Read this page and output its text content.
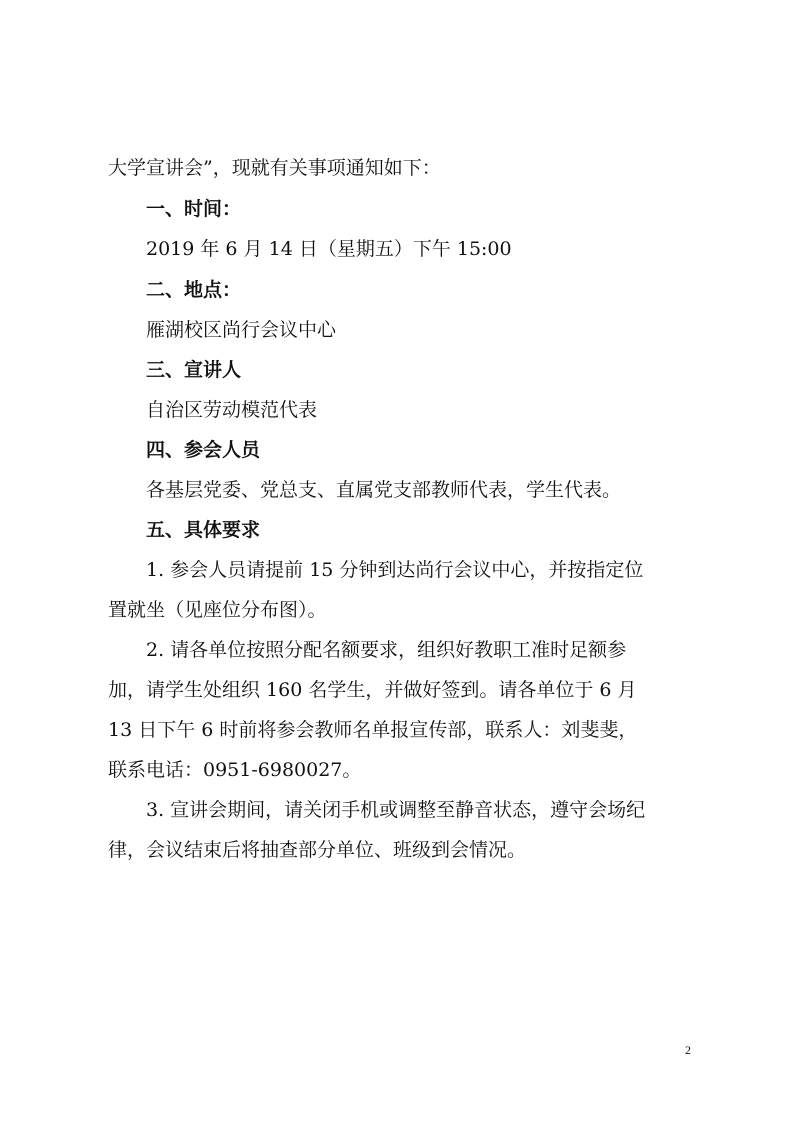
大学宣讲会”，现就有关事项通知如下：
一、时间：
2019 年 6 月 14 日（星期五）下午 15:00
二、地点：
雁湖校区尚行会议中心
三、宣讲人
自治区劳动模范代表
四、参会人员
各基层党委、党总支、直属党支部教师代表，学生代表。
五、具体要求
1. 参会人员请提前 15 分钟到达尚行会议中心，并按指定位
置就坐（见座位分布图）。
2. 请各单位按照分配名额要求，组织好教职工准时足额参
加，请学生处组织 160 名学生，并做好签到。请各单位于 6 月
13 日下午 6 时前将参会教师名单报宣传部，联系人：刘斐斐，
联系电话：0951-6980027。
3. 宣讲会期间，请关闭手机或调整至静音状态，遵守会场纪
律，会议结束后将抽查部分单位、班级到会情况。
2
